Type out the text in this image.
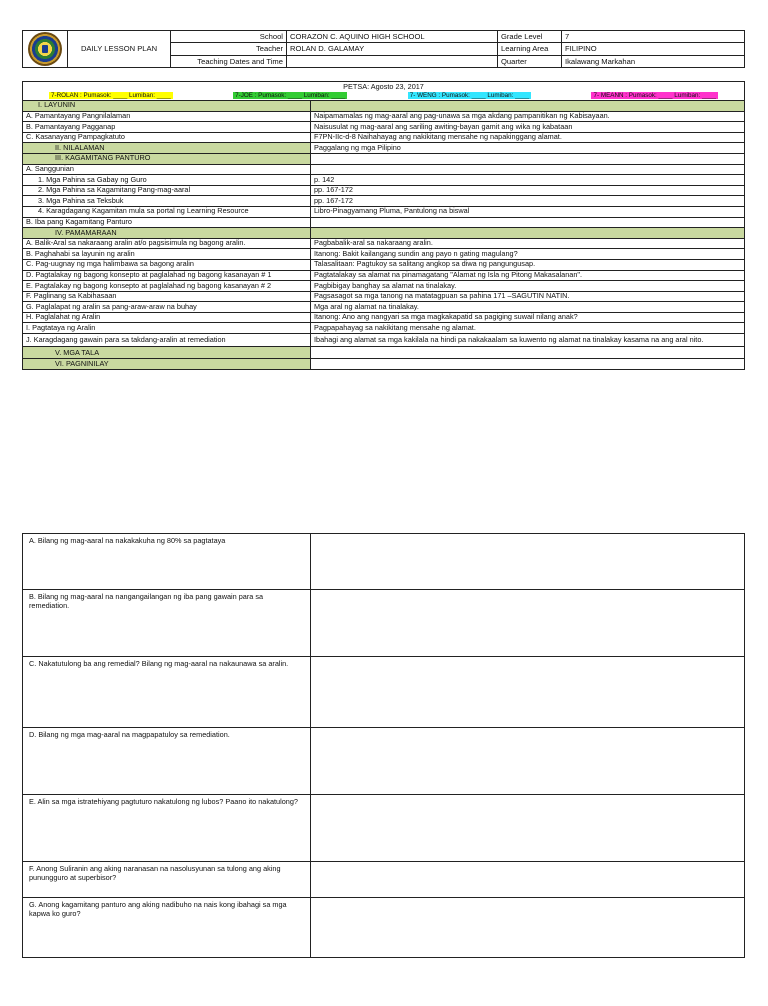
	DAILY LESSON PLAN	School	CORAZON C. AQUINO HIGH SCHOOL	Grade Level	7
		Teacher	ROLAN D. GALAMAY	Learning Area	FILIPINO
		Teaching Dates and Time		Quarter	Ikalawang Markahan
PETSA: Agosto 23, 2017
7-ROLAN : Pumasok: ____ Lumiban: ____ 7-JOE : Pumasok: ____ Lumiban: ____ 7- WENG : Pumasok: ____ Lumiban: ____ 7- MEANN : Pumasok: ____ Lumiban: ____	

I. LAYUNIN	
A. Pamantayang Pangnilalaman	Naipamamalas ng mag-aaral ang pag-unawa sa mga akdang pampanitikan ng Kabisayaan.
B. Pamantayang Pagganap	Naisusulat ng mag-aaral ang sariling awiting-bayan gamit ang wika ng kabataan
C. Kasanayang Pampagkatuto	F7PN-IIc-d-8 Naihahayag ang nakikitang mensahe ng napakinggang alamat.
II. NILALAMAN	Paggalang ng mga Pilipino
III. KAGAMITANG PANTURO	
A. Sanggunian	
1. Mga Pahina sa Gabay ng Guro	p. 142
2. Mga Pahina sa Kagamitang Pang-mag-aaral	pp. 167-172
3. Mga Pahina sa Teksbuk	pp. 167-172
4. Karagdagang Kagamitan mula sa portal ng Learning Resource	Libro-Pinagyamang Pluma, Pantulong na biswal
B. Iba pang Kagamitang Panturo	
IV. PAMAMARAAN	
A. Balik-Aral sa nakaraang aralin at/o pagsisimula ng bagong aralin.	Pagbabalik-aral sa nakaraang aralin.
B. Paghahabi sa layunin ng aralin	Itanong: Bakit kailangang sundin ang payo n gating magulang?
C. Pag-uugnay ng mga halimbawa sa bagong aralin	Talasalitaan: Pagtukoy sa salitang angkop sa diwa ng pangungusap.
D. Pagtalakay ng bagong konsepto at paglalahad ng bagong kasanayan # 1	Pagtatalakay sa alamat na pinamagatang "Alamat ng Isla ng Pitong Makasalanan".
E. Pagtalakay ng bagong konsepto at paglalahad ng bagong kasanayan # 2	Pagbibigay banghay sa alamat na tinalakay.
F. Paglinang sa Kabihasaan	Pagsasagot sa mga tanong na matatagpuan sa pahina 171 –SAGUTIN NATIN.
G. Paglalapat ng aralin sa pang-araw-araw na buhay	Mga aral ng alamat na tinalakay.
H. Paglalahat ng Aralin	Itanong: Ano ang nangyari sa mga magkakapatid sa pagiging suwail nilang anak?
I. Pagtataya ng Aralin	Pagpapahayag sa nakikitang mensahe ng alamat.
J. Karagdagang gawain para sa takdang-aralin at remediation	Ibahagi ang alamat sa mga kakilala na hindi pa nakakaalam sa kuwento ng alamat na tinalakay kasama na ang aral nito.
V. MGA TALA	
VI. PAGNINILAY	
A. Bilang ng mag-aaral na nakakakuha ng 80% sa pagtataya	
B. Bilang ng mag-aaral na nangangailangan ng iba pang gawain para sa remediation.	
C. Nakatutulong ba ang remedial? Bilang ng mag-aaral na nakaunawa sa aralin.	
D. Bilang ng mga mag-aaral na magpapatuloy sa remediation.	
E. Alin sa mga istratehiyang pagtuturo nakatulong ng lubos? Paano ito nakatulong?	
F. Anong Suliranin ang aking naranasan na nasolusyunan sa tulong ang aking punungguro at superbisor?	
G. Anong kagamitang panturo ang aking nadibuho na nais kong ibahagi sa mga kapwa ko guro?	
